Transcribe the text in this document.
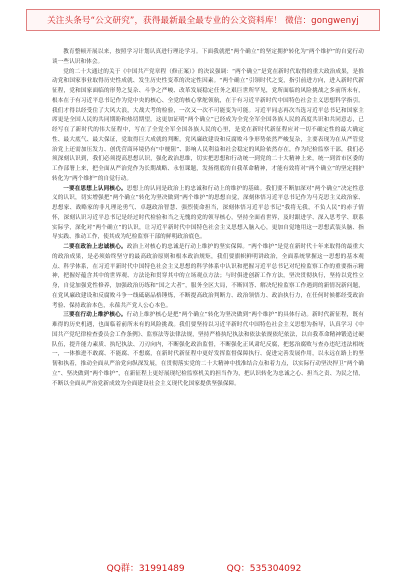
关注头条号“公文研究”，获得最新最全最专业的公文资料库！ 微信：gongwenyj

教育整顿开展以来，按照学习计划认真进行理论学习。下面我就把“两个确立”的坚定拥护转化为“两个维护”的自觉行动谈一些认识和体会。

党的二十大通过的关于《中国共产党章程（修正案）》的决议强调：“两个确立”是党在新时代取得的重大政治成果，是推动党和国家事业取得历史性成就、发生历史性变革的决定性因素。“两个确立”引领时代之变，指引前进方向，进入新时代新征程，党和国家面临的形势之复杂、斗争之严峻、改革发展稳定任务之艰巨世所罕见，党所面临的风险挑战之多前所未有，根本在于有习近平总书记作为党中央的核心、全党的核心掌舵领航，在于有习近平新时代中国特色社会主义思想科学指引。我们才得以经受住了大风大浪，大战大考的检验，一次又一次不可能变为可能。习近平同志再次当选习近平总书记和国家主席更是全国人民的共同期盼和热切期望，这更加证明“两个确立”已经成为全党全军全国各族人民的高度共识和共同意志，已经写在了新时代的伟大征程中，写在了全党全军全国各族人民的心里，是党在新时代新征程应对一切不确定性的最大确定性、最大底气、最大保证，党取得巨大成就的判断，党风廉政建设和反腐败斗争形势依然严峻复杂，主要表现为在从严管党治党上还需加压发力、创优营商环境仍有“中梗阻”、影响人民利益和社会稳定的风险依然存在，作为纪检监察干部，我们必须深刻认识到，我们必须提高思想认识，强化政治思维，切实把思想和行动统一到党的二十大精神上来，统一到省市区委的工作部署上来，把全面从严治党作为长期战略、永恒课题，发扬彻底的自我革命精神，才能有效将对“两个确立”的坚定拥护转化为“两个维护”的自觉行动。

一要在思想上认同核心。思想上的认同是政治上的忠诚和行动上的维护的基础。我们要不断加深对“两个确立”决定性意义的认识，切实增强把“两个确立”转化为坚决做到“两个维护”的思想自觉，深刻体悟习近平总书记作为马克思主义政治家、思想家、战略家的非凡理论勇气、卓越政治智慧、强烈使命担当，深刻体悟习近平总书记“我将无我，不负人民”的赤子情怀，深刻认识习近平总书记是经过时代检验和当之无愧的党的领导核心，坚持全面看世界，及时跟进学、深入思考学、联系实际学，深化对“两个确立”的认识，让习近平新时代中国特色社会主义思想入脑入心，更加自觉地用这一思想武装头脑、指导实践、推动工作，使其成为纪检监察干部的鲜明政治底色。

二要在政治上忠诚核心。政治上对核心的忠诚是行动上维护的坚实保障。“两个维护”是党在新时代十年来取得的最重大的政治成果，是必须始终坚守的最高政治原则和根本政治规矩，我们要旗帜鲜明讲政治，全面系统掌握这一思想的基本观点、科学体系，在习近平新时代中国特色社会主义思想的科学体系中认识和把握习近平总书记对纪检监察工作的重要指示精神，把握好蕴含其中的世界观、方法论和贯穿其中的立场观点方法；与时俱进创新工作方法，坚决贯彻执行，坚持以党性立身，自觉加强党性修养，加强政治历练和“国之大者”，服务全区大局，不断回答、解决纪检监察工作遇到的新情况新问题，在党风廉政建设和反腐败斗争一线砥砺品格锤炼，不断提高政治判断力、政治领悟力、政治执行力，在任何时候都经受政治考验、保持政治本色，永葆共产党人公心本色。

三要在行动上维护核心。行动上维护核心是把“两个确立”转化为坚决做到“两个维护”的具体行动。新时代新征程，既有难得的历史机遇，也面临着前所未有的风险挑战。我们要坚持以习近平新时代中国特色社会主义思想为指导，认真学习《中国共产党纪律检查委员会工作条例》、监察法等法律法规，坚持严格执纪执法和依法依规依纪依法，以自我革命精神锻造过硬队伍，提升能力素质、执纪执法、刀刃向内，不断强化政治监督，不断强化正风肃纪反腐，把惩治腐败与查办违纪违法相统一，一体推进不敢腐、不能腐、不想腐，在新时代新征程中更好发挥监督保障执行、促进完善发展作用，以永远在路上的坚韧和执着，推动全面从严治党向纵深发展，在贯彻落实党的二十大精神中找准结合点和着力点，以实际行动坚决捍卫“两个确立”、坚决做到“两个维护”，在新征程上更好展现纪检监察机关的担当作为，把认识转化为忠诚之心、担当之责、为民之情，不断以全面从严治党新成效为全面建设社会主义现代化国家提供坚强保障。

QQ群：31991489	QQ：535304092
